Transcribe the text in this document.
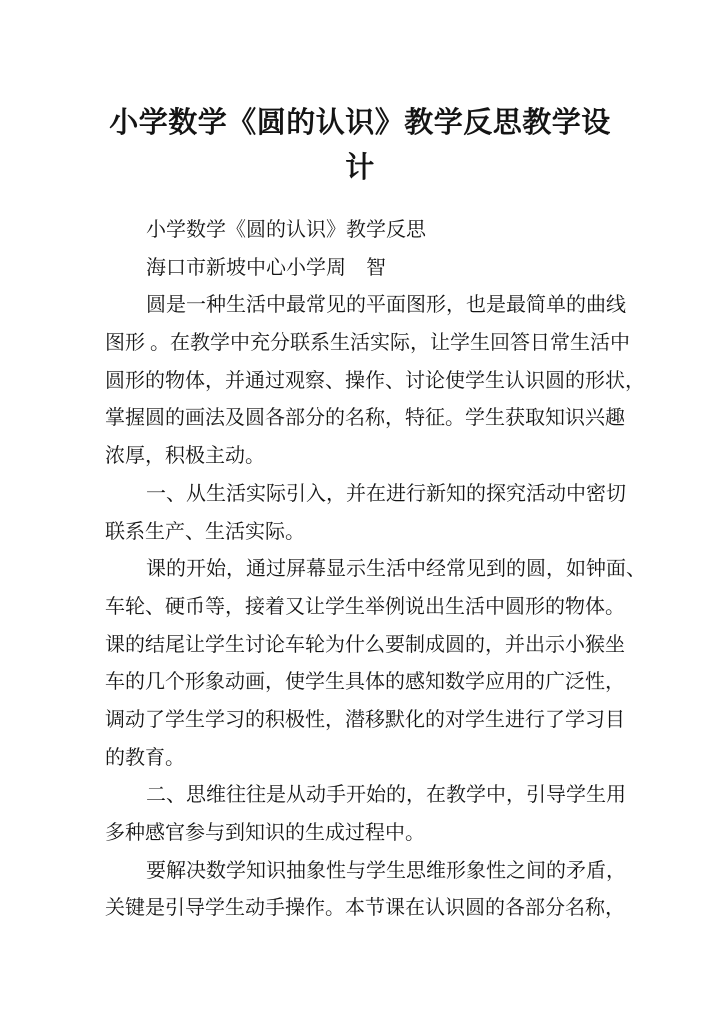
小学数学《圆的认识》教学反思教学设
计
小学数学《圆的认识》教学反思
海口市新坡中心小学周　智
圆是一种生活中最常见的平面图形，也是最简单的曲线
图形 。在教学中充分联系生活实际，让学生回答日常生活中
圆形的物体，并通过观察、操作、讨论使学生认识圆的形状，
掌握圆的画法及圆各部分的名称，特征。学生获取知识兴趣
浓厚，积极主动。
一、从生活实际引入，并在进行新知的探究活动中密切
联系生产、生活实际。
课的开始，通过屏幕显示生活中经常见到的圆，如钟面、
车轮、硬币等，接着又让学生举例说出生活中圆形的物体。
课的结尾让学生讨论车轮为什么要制成圆的，并出示小猴坐
车的几个形象动画，使学生具体的感知数学应用的广泛性，
调动了学生学习的积极性，潜移默化的对学生进行了学习目
的教育。
二、思维往往是从动手开始的，在教学中，引导学生用
多种感官参与到知识的生成过程中。
要解决数学知识抽象性与学生思维形象性之间的矛盾，
关键是引导学生动手操作。本节课在认识圆的各部分名称，
